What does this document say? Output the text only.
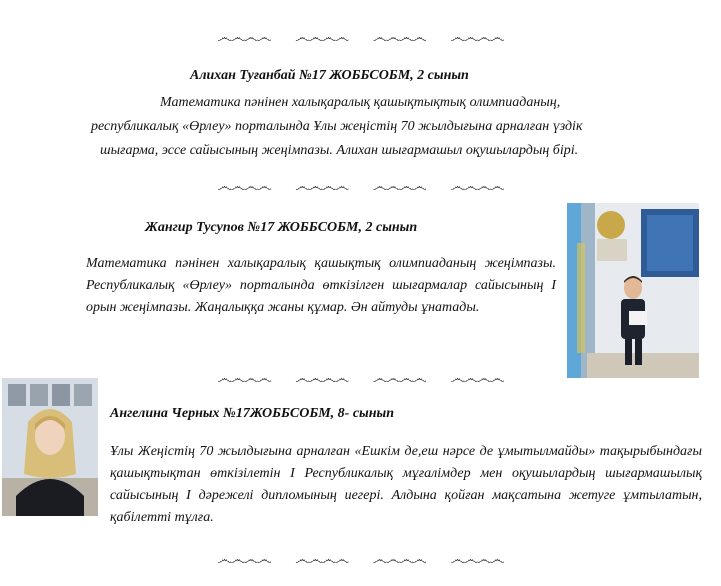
෴෴෴෴ ෴෴෴෴ ෴෴෴෴ ෴෴෴෴
Алихан Туғанбай №17 ЖОББСОБМ, 2 сынып
Математика пәнінен халықаралық қашықтықтық олимпиаданың,
республикалық «Өрлеу» порталында Ұлы жеңістің 70 жылдығына арналған үздік
шығарма, эссе сайысының жеңімпазы. Алихан шығармашыл оқушылардың бірі.
෴෴෴෴ ෴෴෴෴ ෴෴෴෴ ෴෴෴෴
Жангир Тусупов №17 ЖОББСОБМ, 2 сынып
Математика пәнінен халықаралық қашықтық олимпиаданың жеңімпазы. Республикалық «Өрлеу» порталында өткізілген шығармалар сайысының I орын жеңімпазы. Жаңалыққа жаны құмар. Ән айтуды ұнатады.
෴෴෴෴ ෴෴෴෴ ෴෴෴෴ ෴෴෴෴
Ангелина Черных №17ЖОББСОБМ, 8- сынып
Ұлы Жеңістің 70 жылдығына арналған «Ешкім де,еш нәрсе де ұмытылмайды» тақырыбындағы қашықтықтан өткізілетін I Республикалық мұғалімдер мен оқушылардың шығармашылық сайысының I дәрежелі дипломының иегері. Алдына қойған мақсатына жетуге ұмтылатын, қабілетті тұлға.
෴෴෴෴ ෴෴෴෴ ෴෴෴෴ ෴෴෴෴
